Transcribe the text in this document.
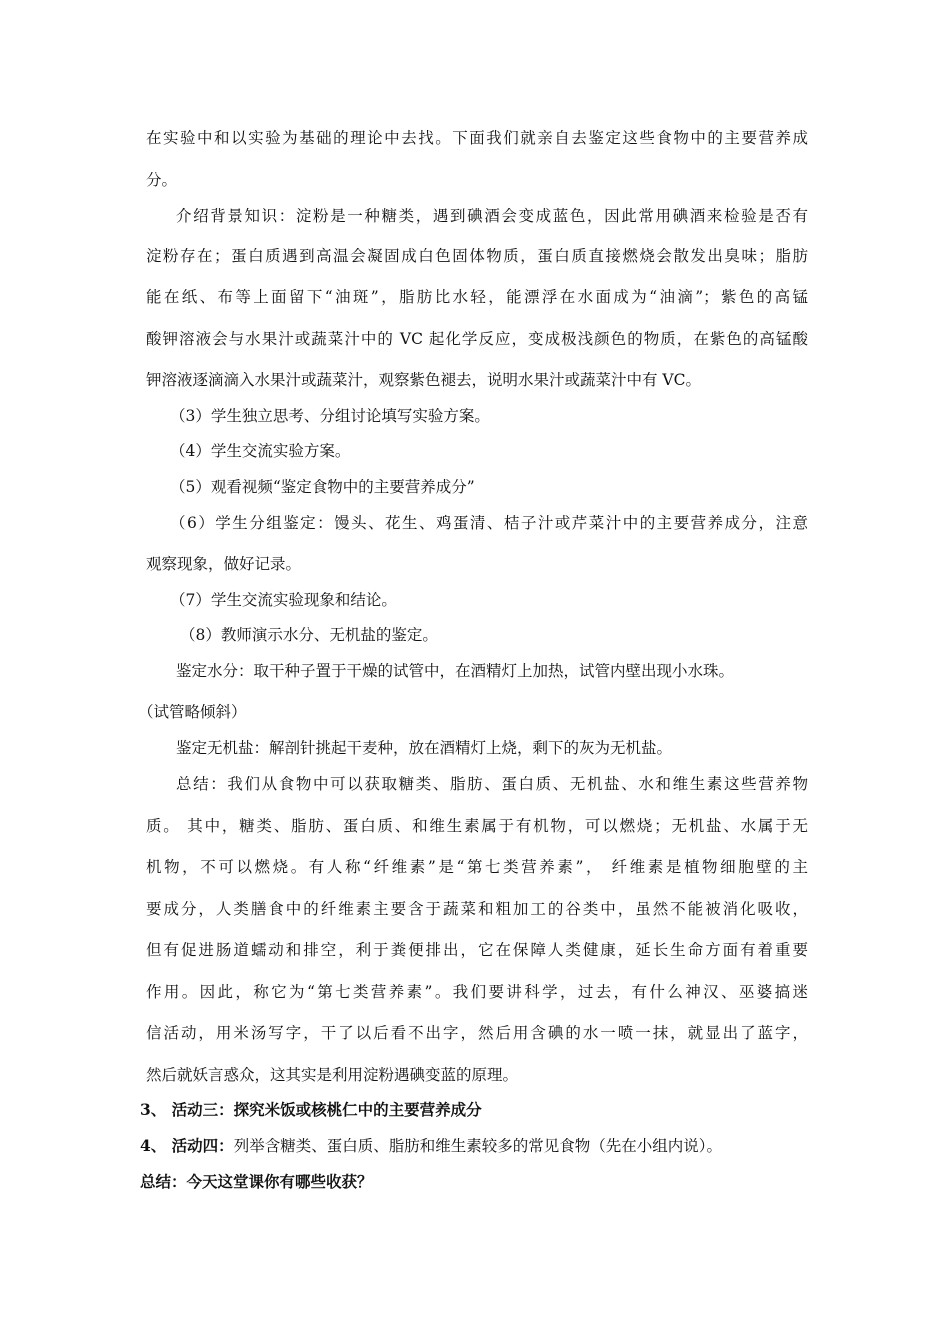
在实验中和以实验为基础的理论中去找。下面我们就亲自去鉴定这些食物中的主要营养成
分。
介绍背景知识：淀粉是一种糖类，遇到碘酒会变成蓝色，因此常用碘酒来检验是否有
淀粉存在；蛋白质遇到高温会凝固成白色固体物质，蛋白质直接燃烧会散发出臭味；脂肪
能在纸、布等上面留下“油斑”，脂肪比水轻，能漂浮在水面成为“油滴”；紫色的高锰
酸钾溶液会与水果汁或蔬菜汁中的 VC 起化学反应，变成极浅颜色的物质，在紫色的高锰酸
钾溶液逐滴滴入水果汁或蔬菜汁，观察紫色褪去，说明水果汁或蔬菜汁中有 VC。
（3）学生独立思考、分组讨论填写实验方案。
（4）学生交流实验方案。
（5）观看视频“鉴定食物中的主要营养成分”
（6）学生分组鉴定：馒头、花生、鸡蛋清、桔子汁或芹菜汁中的主要营养成分，注意
观察现象，做好记录。
（7）学生交流实验现象和结论。
（8）教师演示水分、无机盐的鉴定。
鉴定水分：取干种子置于干燥的试管中，在酒精灯上加热，试管内壁出现小水珠。
（试管略倾斜）
鉴定无机盐：解剖针挑起干麦种，放在酒精灯上烧，剩下的灰为无机盐。
总结：我们从食物中可以获取糖类、脂肪、蛋白质、无机盐、水和维生素这些营养物
质。 其中，糖类、脂肪、蛋白质、和维生素属于有机物，可以燃烧；无机盐、水属于无
机物，不可以燃烧。有人称“纤维素”是“第七类营养素”， 纤维素是植物细胞壁的主
要成分，人类膳食中的纤维素主要含于蔬菜和粗加工的谷类中，虽然不能被消化吸收，
但有促进肠道蠕动和排空，利于粪便排出，它在保障人类健康，延长生命方面有着重要
作用。因此，称它为“第七类营养素”。我们要讲科学，过去，有什么神汉、巫婆搞迷
信活动，用米汤写字，干了以后看不出字，然后用含碘的水一喷一抹，就显出了蓝字，
然后就妖言惑众，这其实是利用淀粉遇碘变蓝的原理。
3、 活动三：探究米饭或核桃仁中的主要营养成分
4、 活动四：列举含糖类、蛋白质、脂肪和维生素较多的常见食物（先在小组内说）。
总结：今天这堂课你有哪些收获？
